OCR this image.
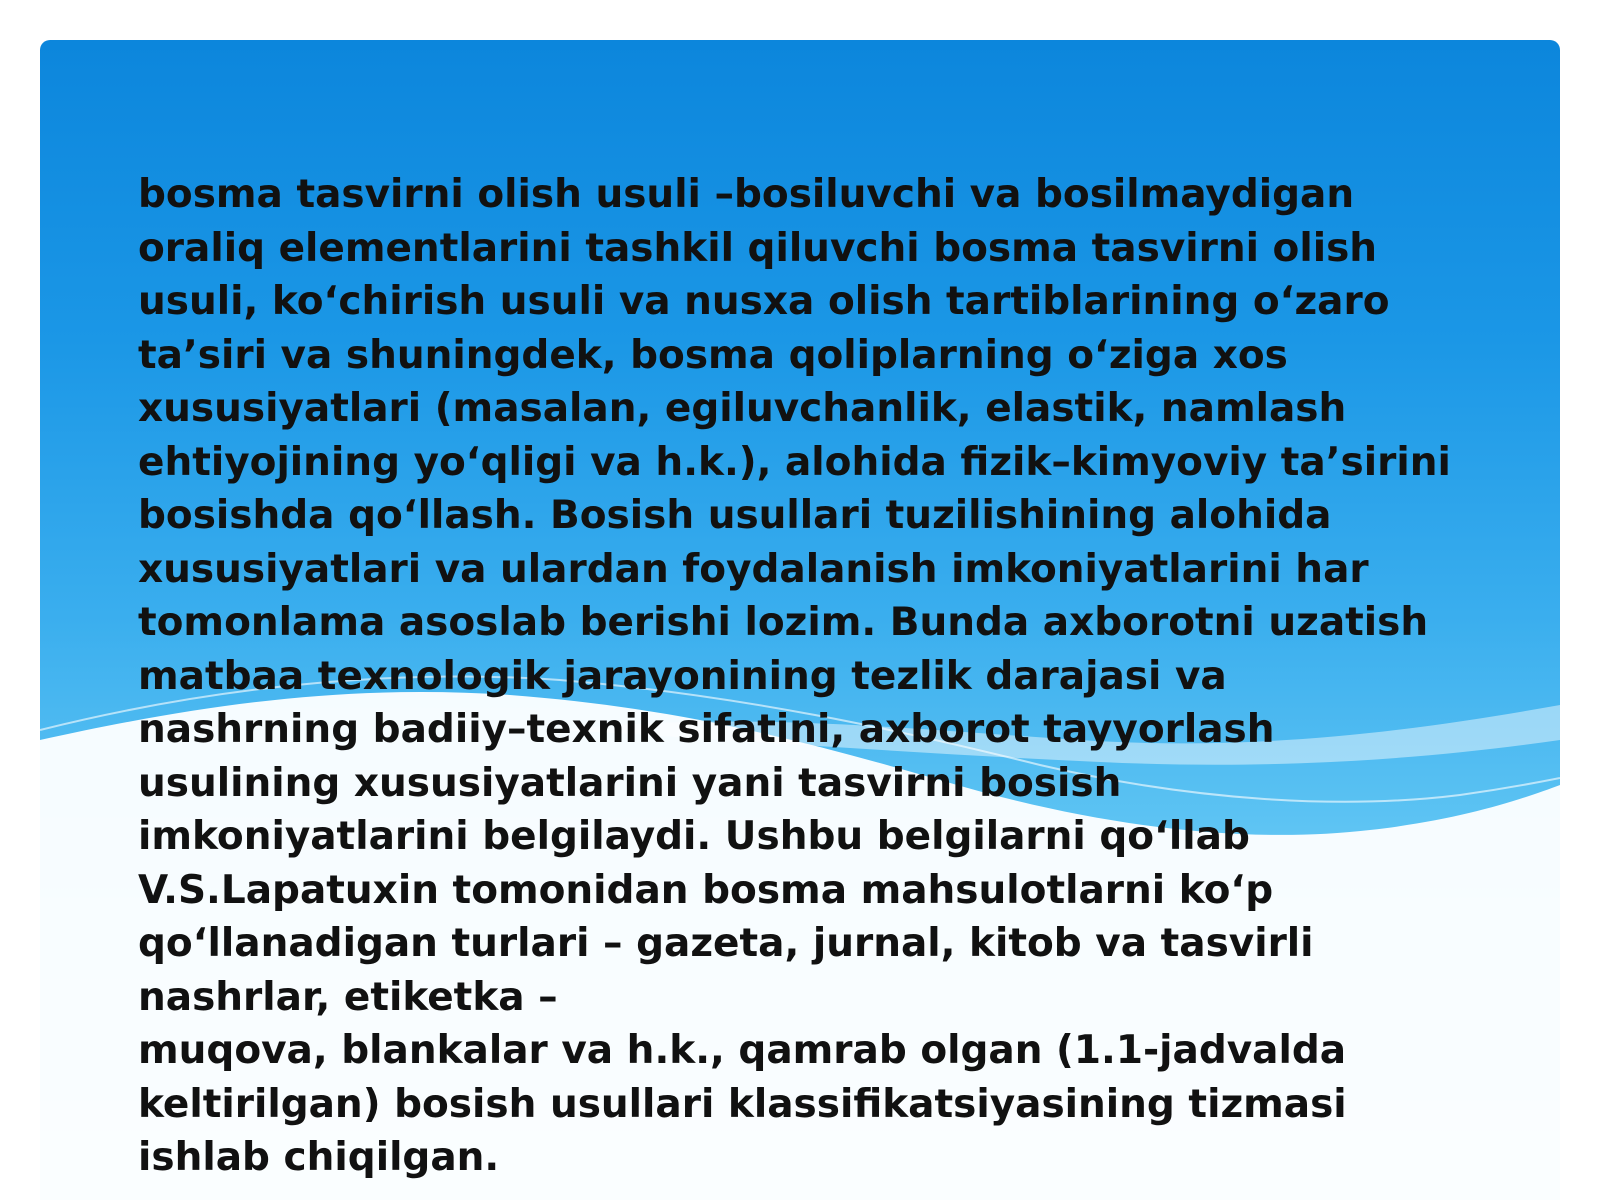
bosma tasvirni olish usuli –bosiluvchi va bosilmaydigan
oraliq elementlarini tashkil qiluvchi bosma tasvirni olish
usuli, ko‘chirish usuli va nusxa olish tartiblarining o‘zaro
ta’siri va shuningdek, bosma qoliplarning o‘ziga xos
xususiyatlari (masalan, egiluvchanlik, elastik, namlash
ehtiyojining yo‘qligi va h.k.), alohida fizik–kimyoviy ta’sirini
bosishda qo‘llash. Bosish usullari tuzilishining alohida
xususiyatlari va ulardan foydalanish imkoniyatlarini har
tomonlama asoslab berishi lozim. Bunda axborotni uzatish
matbaa texnologik jarayonining tezlik darajasi va
nashrning badiiy–texnik sifatini, axborot tayyorlash
usulining xususiyatlarini yani tasvirni bosish
imkoniyatlarini belgilaydi. Ushbu belgilarni qo‘llab
V.S.Lapatuxin tomonidan bosma mahsulotlarni ko‘p
qo‘llanadigan turlari – gazeta, jurnal, kitob va tasvirli
nashrlar, etiketka –
muqova, blankalar va h.k., qamrab olgan (1.1-jadvalda
keltirilgan) bosish usullari klassifikatsiyasining tizmasi
ishlab chiqilgan.
